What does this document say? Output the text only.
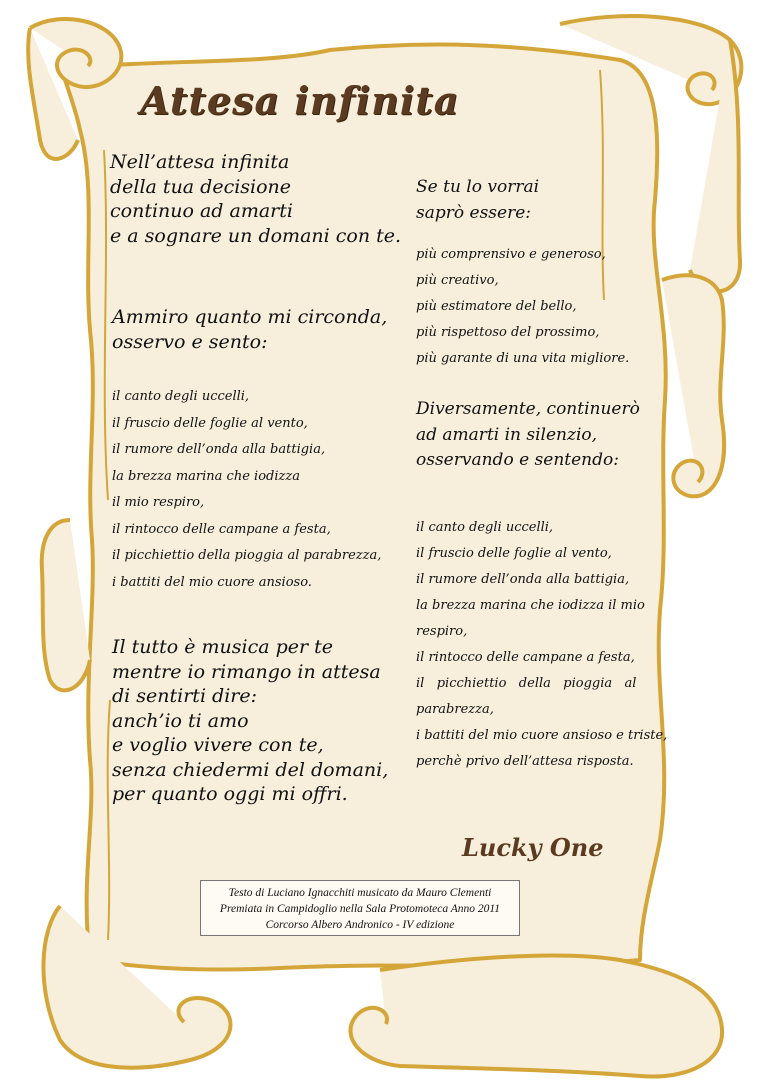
Attesa infinita
Nell’attesa infinita
della tua decisione
continuo ad amarti
e a sognare un domani con te.
Ammiro quanto mi circonda,
osservo e sento:
il canto degli uccelli,
il fruscio delle foglie al vento,
il rumore dell’onda alla battigia,
la brezza marina che iodizza
il mio respiro,
il rintocco delle campane a festa,
il picchiettio della pioggia al parabrezza,
i battiti del mio cuore ansioso.
Il tutto è musica per te
mentre io rimango in attesa
di sentirti dire:
anch’io ti amo
e voglio vivere con te,
senza chiedermi del domani,
per quanto oggi mi offri.
Se tu lo vorrai
saprò essere:
più comprensivo e generoso,
più creativo,
più estimatore del bello,
più rispettoso del prossimo,
più garante di una vita migliore.
Diversamente, continuerò
ad amarti in silenzio,
osservando e sentendo:
il canto degli uccelli,
il fruscio delle foglie al vento,
il rumore dell’onda alla battigia,
la brezza marina che iodizza il mio
respiro,
il rintocco delle campane a festa,
il   picchiettio   della   pioggia   al
parabrezza,
i battiti del mio cuore ansioso e triste,
perchè privo dell’attesa risposta.
Lucky One
Testo di Luciano Ignacchiti musicato da Mauro Clementi
Premiata in Campidoglio nella Sala Protomoteca Anno 2011
Corcorso Albero Andronico - IV edizione
